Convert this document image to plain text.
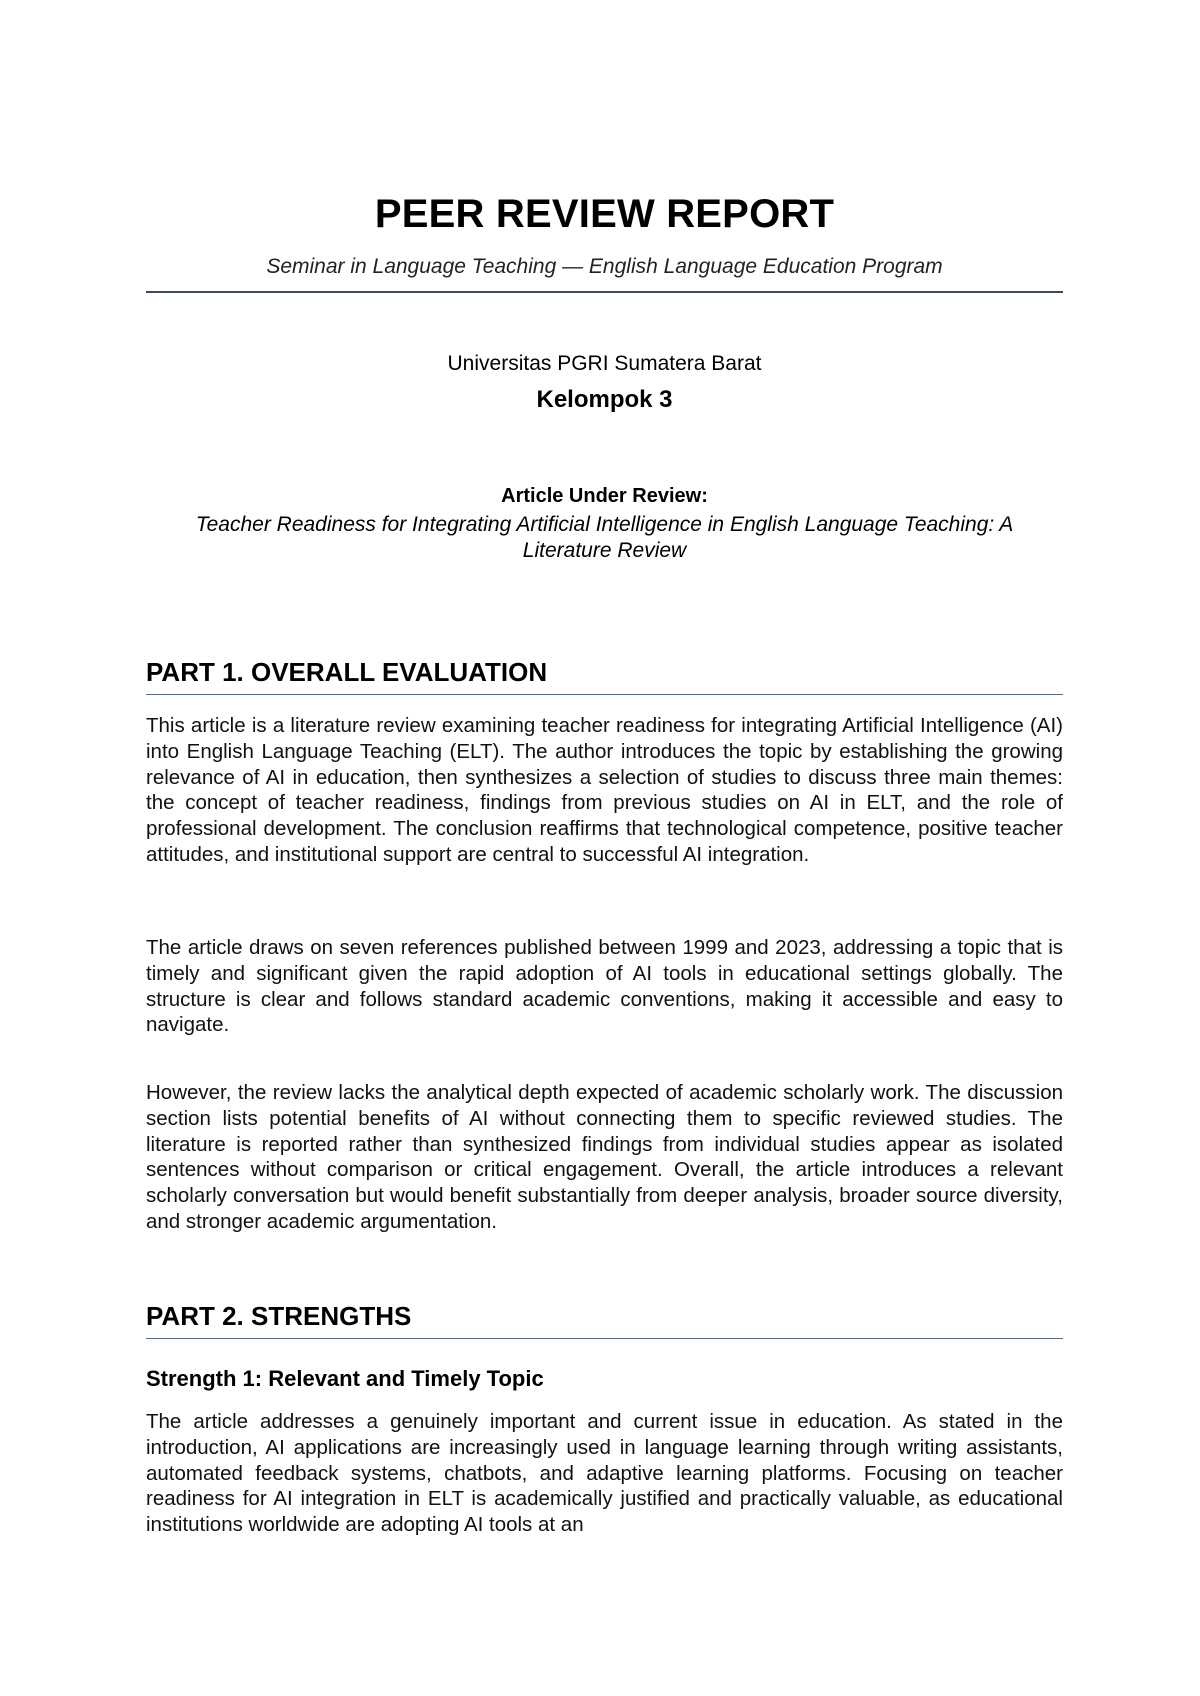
PEER REVIEW REPORT
Seminar in Language Teaching — English Language Education Program
Universitas PGRI Sumatera Barat
Kelompok 3
Article Under Review:
Teacher Readiness for Integrating Artificial Intelligence in English Language Teaching: A Literature Review
PART 1. OVERALL EVALUATION
This article is a literature review examining teacher readiness for integrating Artificial Intelligence (AI) into English Language Teaching (ELT). The author introduces the topic by establishing the growing relevance of AI in education, then synthesizes a selection of studies to discuss three main themes: the concept of teacher readiness, findings from previous studies on AI in ELT, and the role of professional development. The conclusion reaffirms that technological competence, positive teacher attitudes, and institutional support are central to successful AI integration.
The article draws on seven references published between 1999 and 2023, addressing a topic that is timely and significant given the rapid adoption of AI tools in educational settings globally. The structure is clear and follows standard academic conventions, making it accessible and easy to navigate.
However, the review lacks the analytical depth expected of academic scholarly work. The discussion section lists potential benefits of AI without connecting them to specific reviewed studies. The literature is reported rather than synthesized findings from individual studies appear as isolated sentences without comparison or critical engagement. Overall, the article introduces a relevant scholarly conversation but would benefit substantially from deeper analysis, broader source diversity, and stronger academic argumentation.
PART 2. STRENGTHS
Strength 1: Relevant and Timely Topic
The article addresses a genuinely important and current issue in education. As stated in the introduction, AI applications are increasingly used in language learning through writing assistants, automated feedback systems, chatbots, and adaptive learning platforms. Focusing on teacher readiness for AI integration in ELT is academically justified and practically valuable, as educational institutions worldwide are adopting AI tools at an
